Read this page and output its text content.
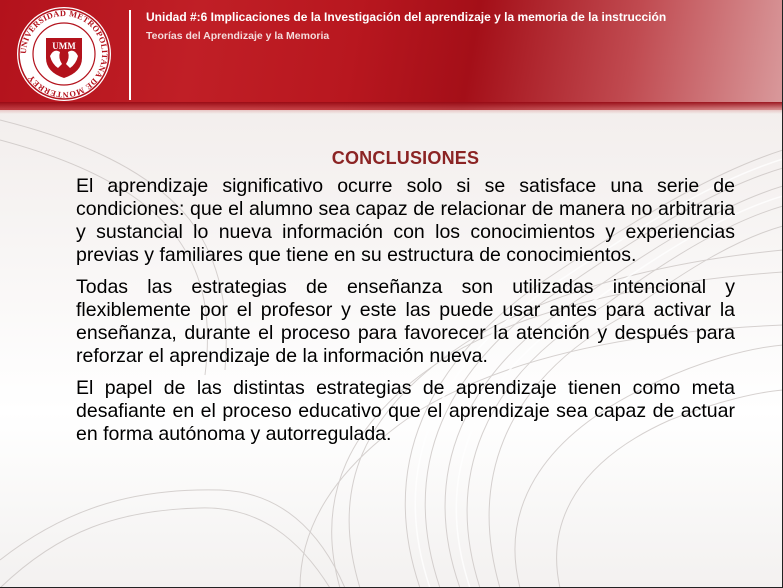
UNIVERSIDAD METROPOLITANA DE MONTERREY
UMM
Unidad #:6 Implicaciones de la Investigación del aprendizaje y la memoria de la instrucción
Teorías del Aprendizaje y la Memoria
CONCLUSIONES

El aprendizaje significativo ocurre solo si se satisface una serie de condiciones: que el alumno sea capaz de relacionar de manera no arbitraria y sustancial lo nueva información con los conocimientos y experiencias previas y familiares que tiene en su estructura de conocimientos.

Todas las estrategias de enseñanza son utilizadas intencional y flexiblemente por el profesor y este las puede usar antes para activar la enseñanza, durante el proceso para favorecer la atención y después para reforzar el aprendizaje de la información nueva.

El papel de las distintas estrategias de aprendizaje tienen como meta desafiante en el proceso educativo que el aprendizaje sea capaz de actuar en forma autónoma y autorregulada.
